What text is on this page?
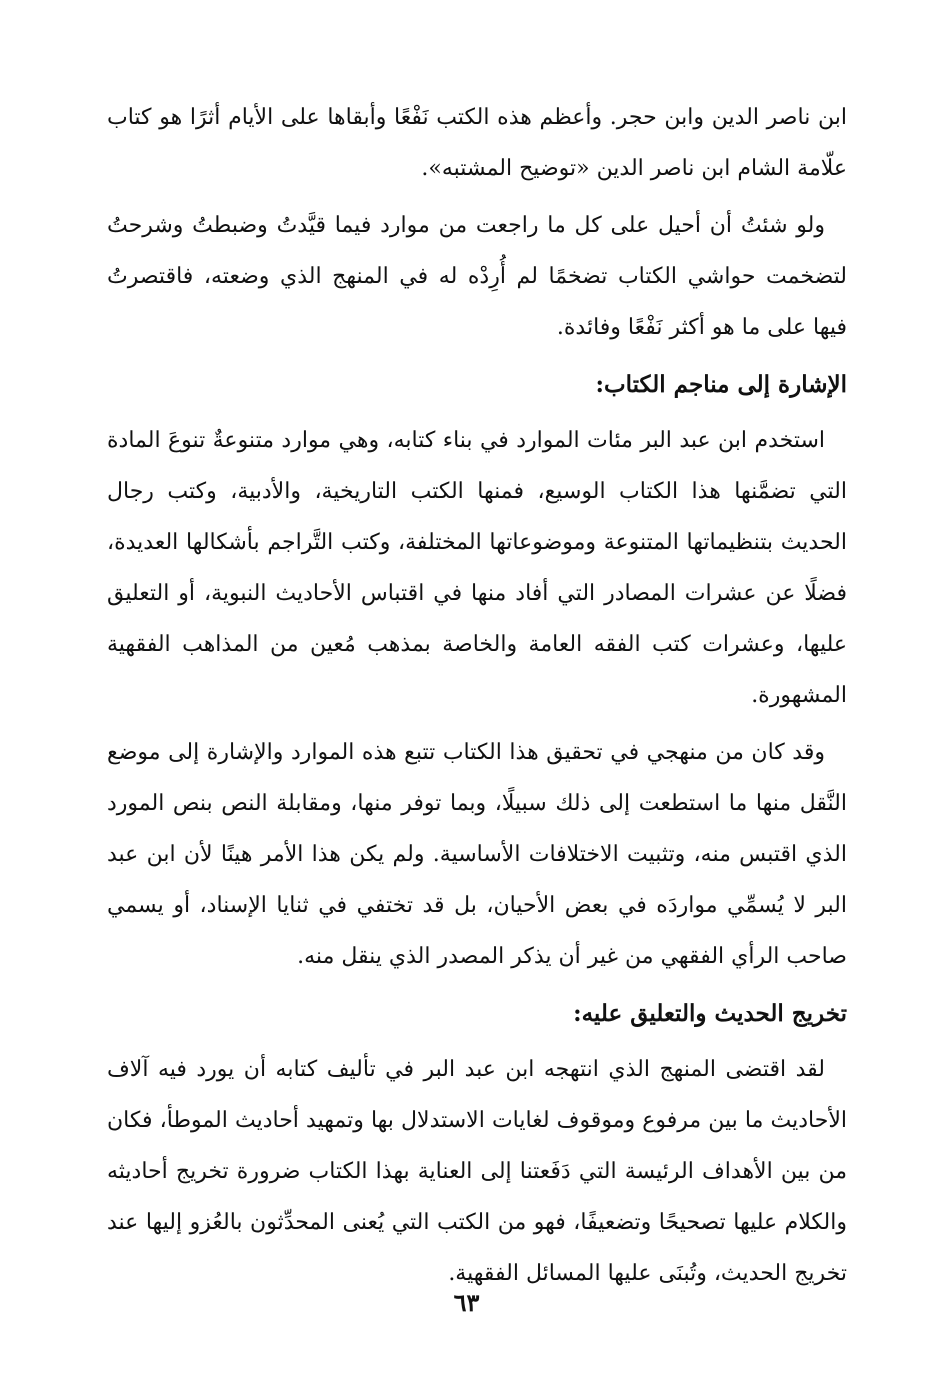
ابن ناصر الدين وابن حجر. وأعظم هذه الكتب نَفْعًا وأبقاها على الأيام أثرًا هو كتاب علّامة الشام ابن ناصر الدين «توضيح المشتبه».

ولو شئتُ أن أحيل على كل ما راجعت من موارد فيما قيَّدتُ وضبطتُ وشرحتُ لتضخمت حواشي الكتاب تضخمًا لم أُرِدْه له في المنهج الذي وضعته، فاقتصرتُ فيها على ما هو أكثر نَفْعًا وفائدة.

الإشارة إلى مناجم الكتاب:

استخدم ابن عبد البر مئات الموارد في بناء كتابه، وهي موارد متنوعةٌ تنوعَ المادة التي تضمَّنها هذا الكتاب الوسيع، فمنها الكتب التاريخية، والأدبية، وكتب رجال الحديث بتنظيماتها المتنوعة وموضوعاتها المختلفة، وكتب التَّراجم بأشكالها العديدة، فضلًا عن عشرات المصادر التي أفاد منها في اقتباس الأحاديث النبوية، أو التعليق عليها، وعشرات كتب الفقه العامة والخاصة بمذهب مُعين من المذاهب الفقهية المشهورة.

وقد كان من منهجي في تحقيق هذا الكتاب تتبع هذه الموارد والإشارة إلى موضع النَّقل منها ما استطعت إلى ذلك سبيلًا، وبما توفر منها، ومقابلة النص بنص المورد الذي اقتبس منه، وتثبيت الاختلافات الأساسية. ولم يكن هذا الأمر هينًا لأن ابن عبد البر لا يُسمِّي مواردَه في بعض الأحيان، بل قد تختفي في ثنايا الإسناد، أو يسمي صاحب الرأي الفقهي من غير أن يذكر المصدر الذي ينقل منه.

تخريج الحديث والتعليق عليه:

لقد اقتضى المنهج الذي انتهجه ابن عبد البر في تأليف كتابه أن يورد فيه آلاف الأحاديث ما بين مرفوع وموقوف لغايات الاستدلال بها وتمهيد أحاديث الموطأ، فكان من بين الأهداف الرئيسة التي دَفَعتنا إلى العناية بهذا الكتاب ضرورة تخريج أحاديثه والكلام عليها تصحيحًا وتضعيفًا، فهو من الكتب التي يُعنى المحدِّثون بالعُزو إليها عند تخريج الحديث، وتُبنَى عليها المسائل الفقهية.

٦٣
